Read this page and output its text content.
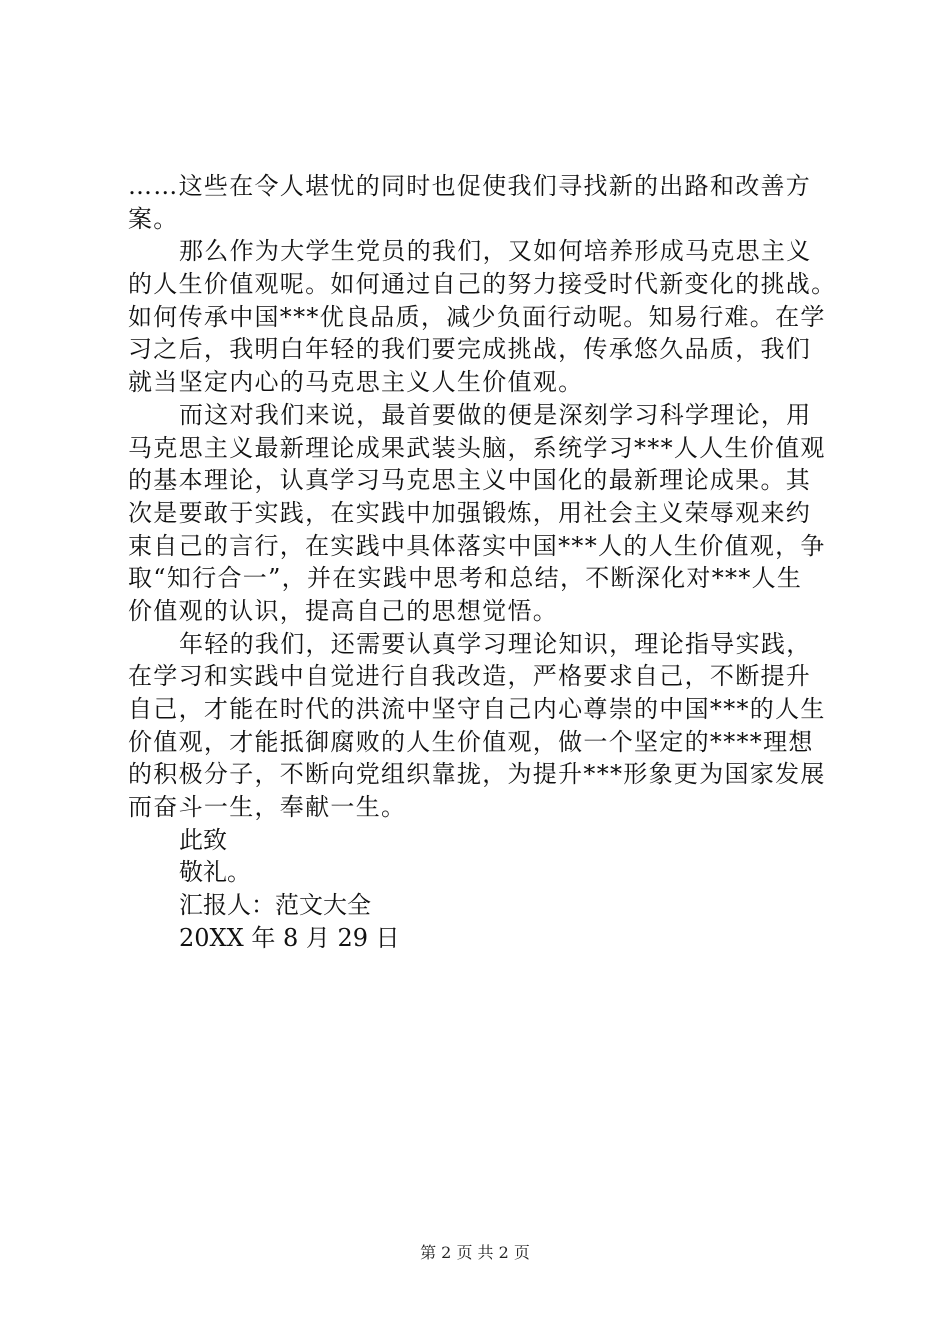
……这些在令人堪忧的同时也促使我们寻找新的出路和改善方
案。
那么作为大学生党员的我们，又如何培养形成马克思主义
的人生价值观呢。如何通过自己的努力接受时代新变化的挑战。
如何传承中国***优良品质，减少负面行动呢。知易行难。在学
习之后，我明白年轻的我们要完成挑战，传承悠久品质，我们
就当坚定内心的马克思主义人生价值观。
而这对我们来说，最首要做的便是深刻学习科学理论，用
马克思主义最新理论成果武装头脑，系统学习***人人生价值观
的基本理论，认真学习马克思主义中国化的最新理论成果。其
次是要敢于实践，在实践中加强锻炼，用社会主义荣辱观来约
束自己的言行，在实践中具体落实中国***人的人生价值观，争
取“知行合一”，并在实践中思考和总结，不断深化对***人生
价值观的认识，提高自己的思想觉悟。
年轻的我们，还需要认真学习理论知识，理论指导实践，
在学习和实践中自觉进行自我改造，严格要求自己，不断提升
自己，才能在时代的洪流中坚守自己内心尊崇的中国***的人生
价值观，才能抵御腐败的人生价值观，做一个坚定的****理想
的积极分子，不断向党组织靠拢，为提升***形象更为国家发展
而奋斗一生，奉献一生。
此致
敬礼。
汇报人：范文大全
20XX 年 8 月 29 日
第 2 页 共 2 页
